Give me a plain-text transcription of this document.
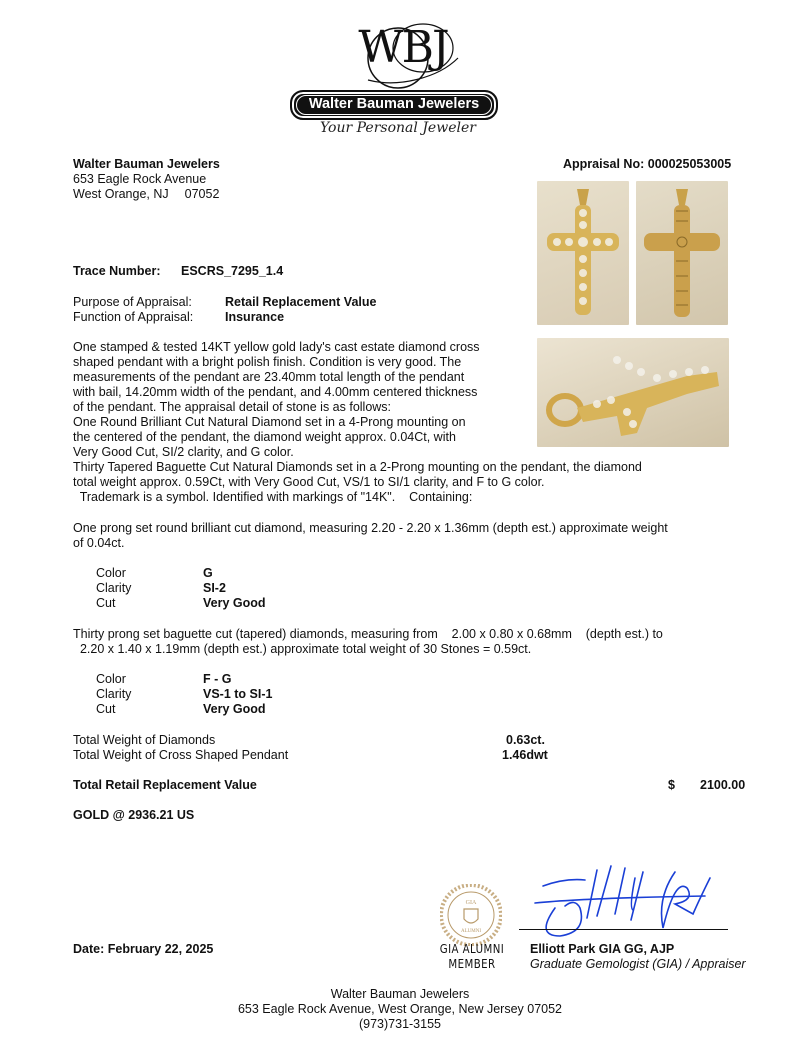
WBJ
Walter Bauman Jewelers
Your Personal Jeweler
Walter Bauman Jewelers
653 Eagle Rock Avenue
West Orange, NJ 07052
Appraisal No: 000025053005
Trace Number: ESCRS_7295_1.4
Purpose of Appraisal:	Retail Replacement Value
Function of Appraisal:	Insurance
One stamped & tested 14KT yellow gold lady's cast estate diamond cross
shaped pendant with a bright polish finish. Condition is very good. The
measurements of the pendant are 23.40mm total length of the pendant
with bail, 14.20mm width of the pendant, and 4.00mm centered thickness
of the pendant. The appraisal detail of stone is as follows:
One Round Brilliant Cut Natural Diamond set in a 4-Prong mounting on
the centered of the pendant, the diamond weight approx. 0.04Ct, with
Very Good Cut, SI/2 clarity, and G color.
Thirty Tapered Baguette Cut Natural Diamonds set in a 2-Prong mounting on the pendant, the diamond
total weight approx. 0.59Ct, with Very Good Cut, VS/1 to SI/1 clarity, and F to G color.
Trademark is a symbol. Identified with markings of "14K".    Containing:
One prong set round brilliant cut diamond, measuring 2.20 - 2.20 x 1.36mm (depth est.) approximate weight
of 0.04ct.
Color	G
Clarity	SI-2
Cut	Very Good
Thirty prong set baguette cut (tapered) diamonds, measuring from    2.00 x 0.80 x 0.68mm    (depth est.) to
2.20 x 1.40 x 1.19mm (depth est.) approximate total weight of 30 Stones = 0.59ct.
Color	F - G
Clarity	VS-1 to SI-1
Cut	Very Good
Total Weight of Diamonds	0.63ct.
Total Weight of Cross Shaped Pendant	1.46dwt
Total Retail Replacement Value	$ 2100.00
GOLD @ 2936.21 US
Date: February 22, 2025
GIA
ALUMNI
GIA ALUMNI
MEMBER
Elliott Park GIA GG, AJP
Graduate Gemologist (GIA) / Appraiser
Walter Bauman Jewelers
653 Eagle Rock Avenue, West Orange, New Jersey 07052
(973)731-3155
